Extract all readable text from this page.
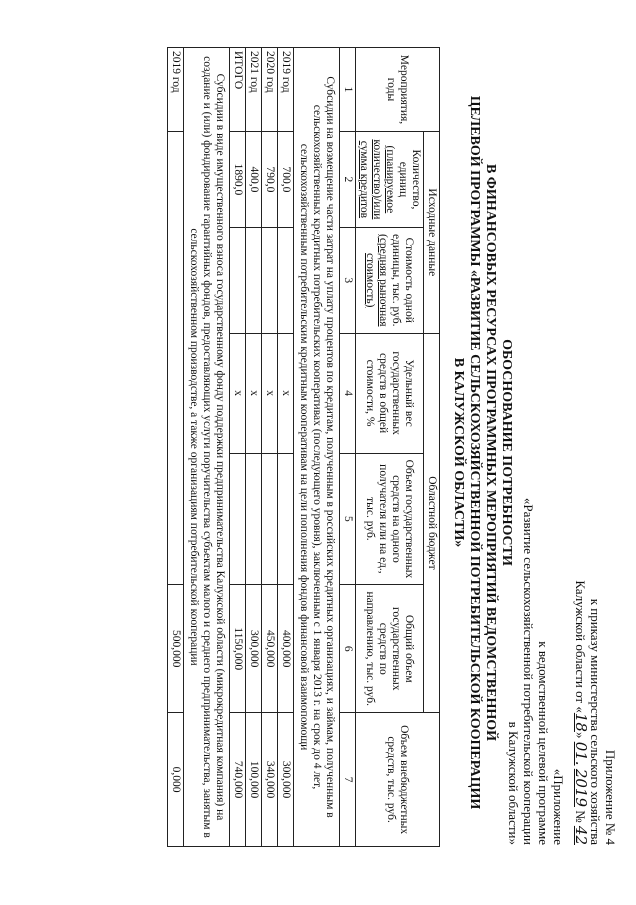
Приложение № 4
к приказу министерства сельского хозяйства
Калужской области от «18» 01. 2019 № 42
«Приложение
к ведомственной целевой программе
«Развитие сельскохозяйственной потребительской кооперации
в Калужской области»
ОБОСНОВАНИЕ ПОТРЕБНОСТИ
В ФИНАНСОВЫХ РЕСУРСАХ ПРОГРАММНЫХ МЕРОПРИЯТИЙ ВЕДОМСТВЕННОЙ
ЦЕЛЕВОЙ ПРОГРАММЫ «РАЗВИТИЕ СЕЛЬСКОХОЗЯЙСТВЕННОЙ ПОТРЕБИТЕЛЬСКОЙ КООПЕРАЦИИ
В КАЛУЖСКОЙ ОБЛАСТИ»
Мероприятия, годы	Исходные данные		Областной бюджет			Объем внебюджетных средств, тыс. руб.
	Количество, единиц (планируемое количество)/или сумма кредитов	Стоимость одной единицы, тыс. руб. (средняя рыночная стоимость)	Удельный вес государственных средств в общей стоимости, %	Объем государственных средств на одного получателя или на ед., тыс. руб.	Общий объем государственных средств по направлению, тыс. руб.	
1	2	3	4	5	6	7
Субсидии на возмещение части затрат на уплату процентов по кредитам, полученным в российских кредитных организациях, и займам, полученным в сельскохозяйственных кредитных потребительских кооперативах (последующего уровня), заключенным с 1 января 2013 г. на срок до 4 лет, сельскохозяйственным потребительским кредитным кооперативам на цели пополнения фондов финансовой взаимопомощи						
2019 год	700,0		x		400,000	300,000
2020 год	790,0		x		450,000	340,000
2021 год	400,0		x		300,000	100,000
ИТОГО	1890,0		x		1150,000	740,000
Субсидии в виде имущественного взноса государственному фонду поддержки предпринимательства Калужской области (микрокредитная компания) на создание и (или) фондирование гарантийных фондов, предоставляющих услуги поручительства субъектам малого и среднего предпринимательства, занятым в сельскохозяйственном производстве, а также организациям потребительской кооперации						
2019 год					500,000	0,000
